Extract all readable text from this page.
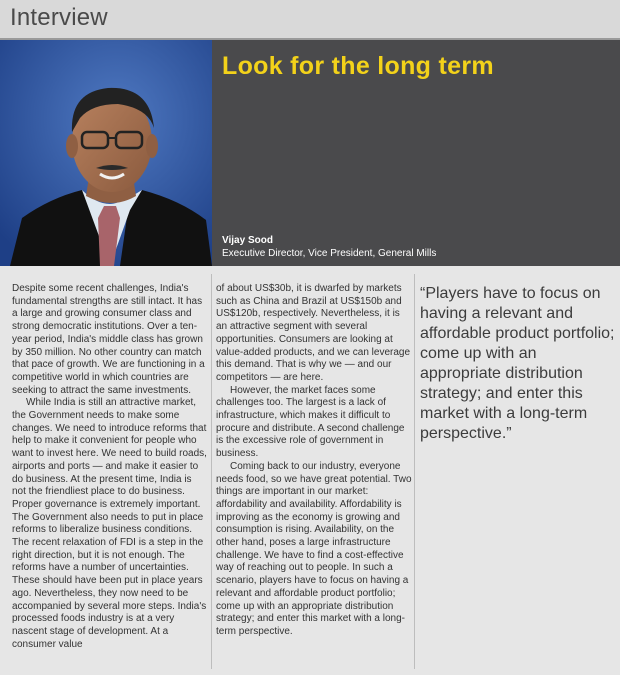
Interview
Look for the long term
Vijay Sood
Executive Director, Vice President, General Mills

Despite some recent challenges, India's fundamental strengths are still intact. It has a large and growing consumer class and strong democratic institutions. Over a ten-year period, India's middle class has grown by 350 million. No other country can match that pace of growth. We are functioning in a competitive world in which countries are seeking to attract the same investments.

While India is still an attractive market, the Government needs to make some changes. We need to introduce reforms that help to make it convenient for people who want to invest here. We need to build roads, airports and ports — and make it easier to do business. At the present time, India is not the friendliest place to do business. Proper governance is extremely important. The Government also needs to put in place reforms to liberalize business conditions. The recent relaxation of FDI is a step in the right direction, but it is not enough. The reforms have a number of uncertainties. These should have been put in place years ago. Nevertheless, they now need to be accompanied by several more steps. India's processed foods industry is at a very nascent stage of development. At a consumer value

of about US$30b, it is dwarfed by markets such as China and Brazil at US$150b and US$120b, respectively. Nevertheless, it is an attractive segment with several opportunities. Consumers are looking at value-added products, and we can leverage this demand. That is why we — and our competitors — are here.

However, the market faces some challenges too. The largest is a lack of infrastructure, which makes it difficult to procure and distribute. A second challenge is the excessive role of government in business.

Coming back to our industry, everyone needs food, so we have great potential. Two things are important in our market: affordability and availability. Affordability is improving as the economy is growing and consumption is rising. Availability, on the other hand, poses a large infrastructure challenge. We have to find a cost-effective way of reaching out to people. In such a scenario, players have to focus on having a relevant and affordable product portfolio; come up with an appropriate distribution strategy; and enter this market with a long-term perspective.

“Players have to focus on having a relevant and affordable product portfolio; come up with an appropriate distribution strategy; and enter this market with a long-term perspective.”
